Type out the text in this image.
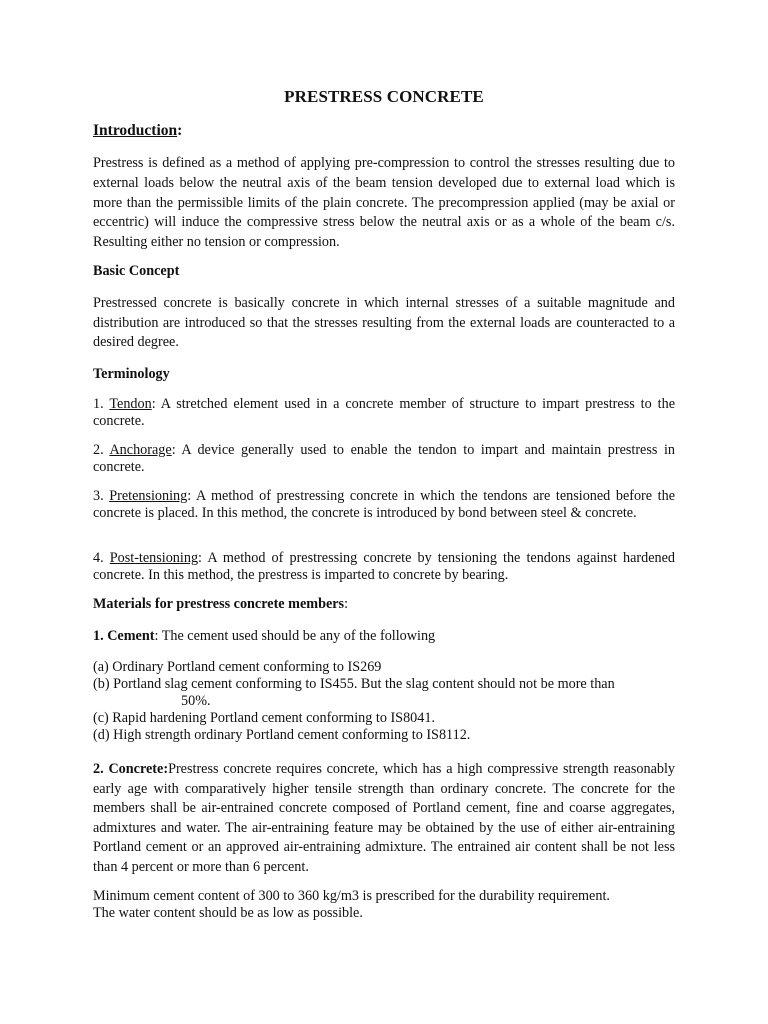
PRESTRESS CONCRETE
Introduction:
Prestress is defined as a method of applying pre-compression to control the stresses resulting due to external loads below the neutral axis of the beam tension developed due to external load which is more than the permissible limits of the plain concrete. The precompression applied (may be axial or eccentric) will induce the compressive stress below the neutral axis or as a whole of the beam c/s. Resulting either no tension or compression.
Basic Concept
Prestressed concrete is basically concrete in which internal stresses of a suitable magnitude and distribution are introduced so that the stresses resulting from the external loads are counteracted to a desired degree.
Terminology
1. Tendon: A stretched element used in a concrete member of structure to impart prestress to the concrete.
2. Anchorage: A device generally used to enable the tendon to impart and maintain prestress in concrete.
3. Pretensioning: A method of prestressing concrete in which the tendons are tensioned before the concrete is placed. In this method, the concrete is introduced by bond between steel & concrete.
4. Post-tensioning: A method of prestressing concrete by tensioning the tendons against hardened concrete. In this method, the prestress is imparted to concrete by bearing.
Materials for prestress concrete members:
1. Cement: The cement used should be any of the following
(a) Ordinary Portland cement conforming to IS269
(b) Portland slag cement conforming to IS455. But the slag content should not be more than
50%.
(c) Rapid hardening Portland cement conforming to IS8041.
(d) High strength ordinary Portland cement conforming to IS8112.
2. Concrete:Prestress concrete requires concrete, which has a high compressive strength reasonably early age with comparatively higher tensile strength than ordinary concrete. The concrete for the members shall be air-entrained concrete composed of Portland cement, fine and coarse aggregates, admixtures and water. The air-entraining feature may be obtained by the use of either air-entraining Portland cement or an approved air-entraining admixture. The entrained air content shall be not less than 4 percent or more than 6 percent.
Minimum cement content of 300 to 360 kg/m3 is prescribed for the durability requirement.
The water content should be as low as possible.
